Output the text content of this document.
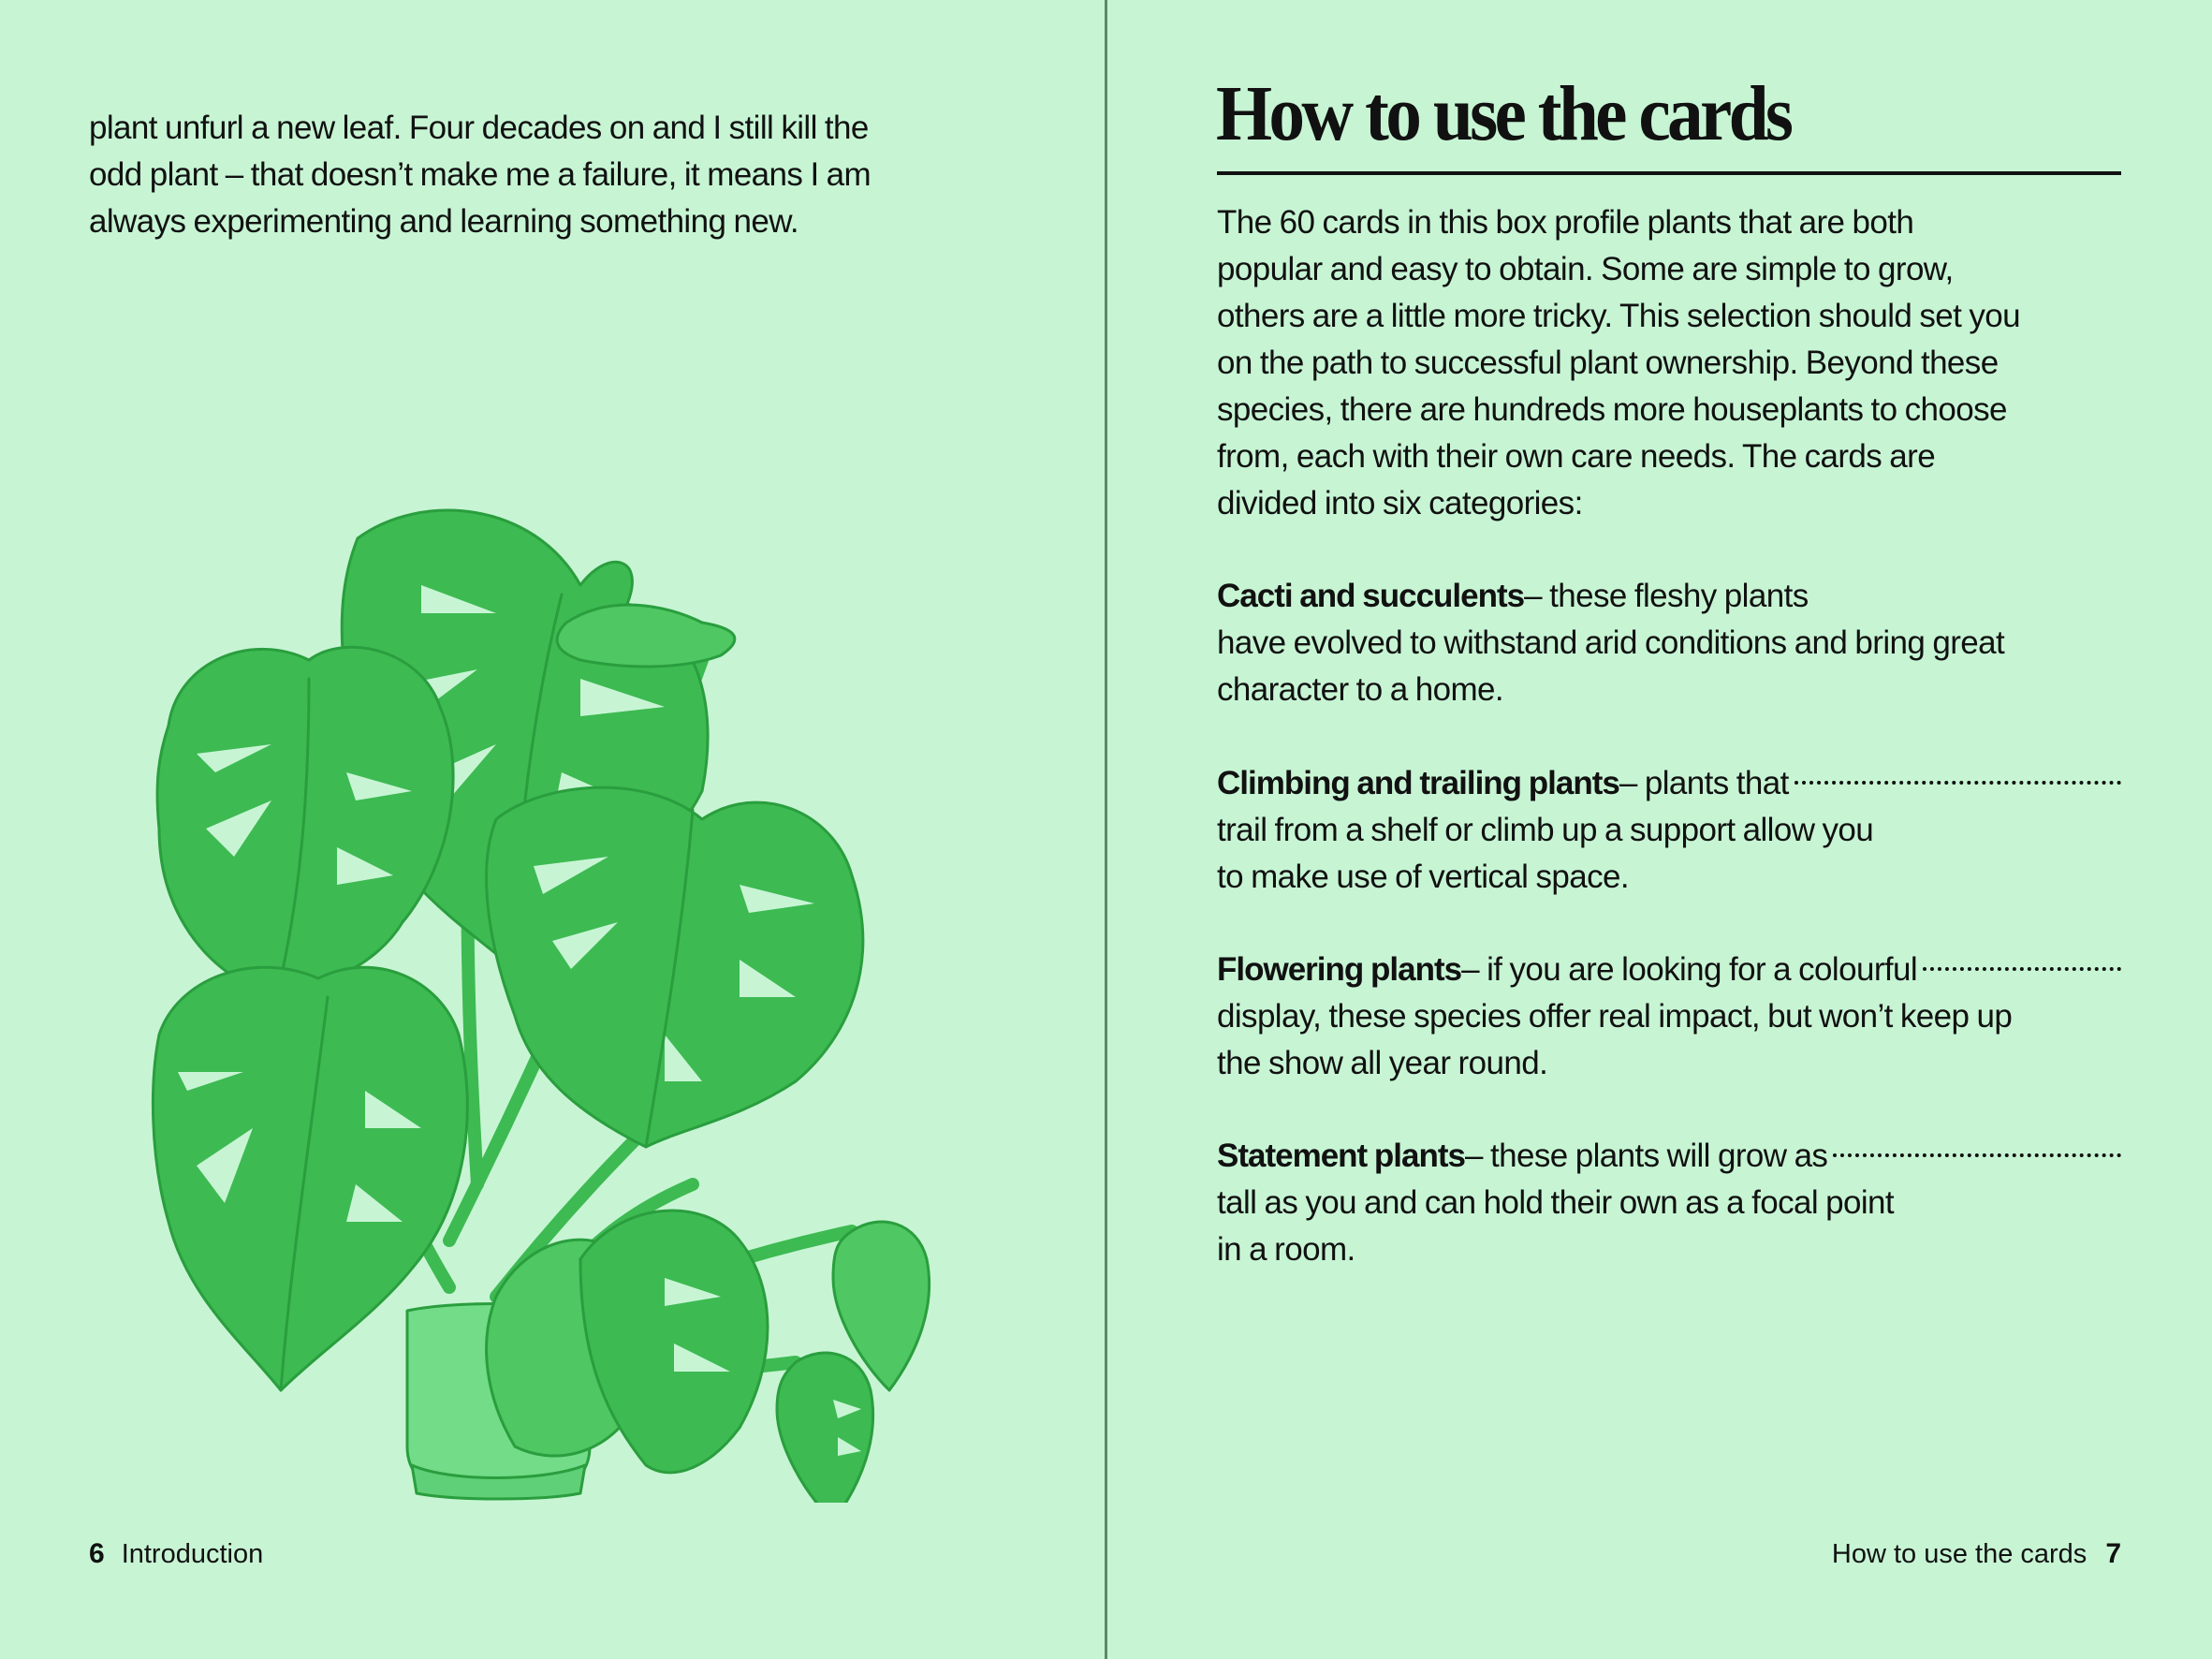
plant unfurl a new leaf. Four decades on and I still kill the
odd plant – that doesn’t make me a failure, it means I am
always experimenting and learning something new.
6 Introduction
How to use the cards
The 60 cards in this box profile plants that are both
popular and easy to obtain. Some are simple to grow,
others are a little more tricky. This selection should set you
on the path to successful plant ownership. Beyond these
species, there are hundreds more houseplants to choose
from, each with their own care needs. The cards are
divided into six categories:
Cacti and succulents – these fleshy plants
have evolved to withstand arid conditions and bring great
character to a home.
Climbing and trailing plants – plants that
trail from a shelf or climb up a support allow you
to make use of vertical space.
Flowering plants – if you are looking for a colourful
display, these species offer real impact, but won’t keep up
the show all year round.
Statement plants – these plants will grow as
tall as you and can hold their own as a focal point
in a room.
How to use the cards 7
